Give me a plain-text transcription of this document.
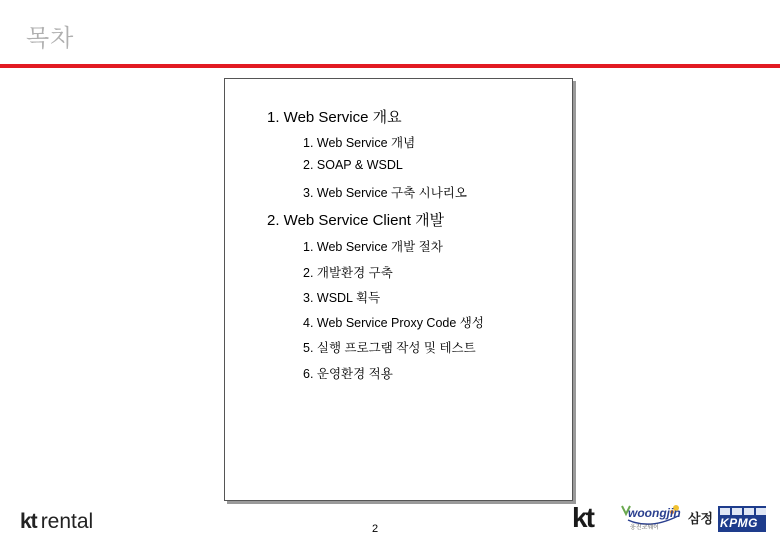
목차
1. Web Service 개요
1. Web Service 개념
2. SOAP & WSDL
3. Web Service 구축 시나리오
2. Web Service Client 개발
1. Web Service 개발 절차
2. 개발환경 구축
3. WSDL 획득
4. Web Service Proxy Code 생성
5. 실행 프로그램 작성 및 테스트
6. 운영환경 적용
2
kt rental	kt	woongjin
웅진코웨이
삼정 KPMG
